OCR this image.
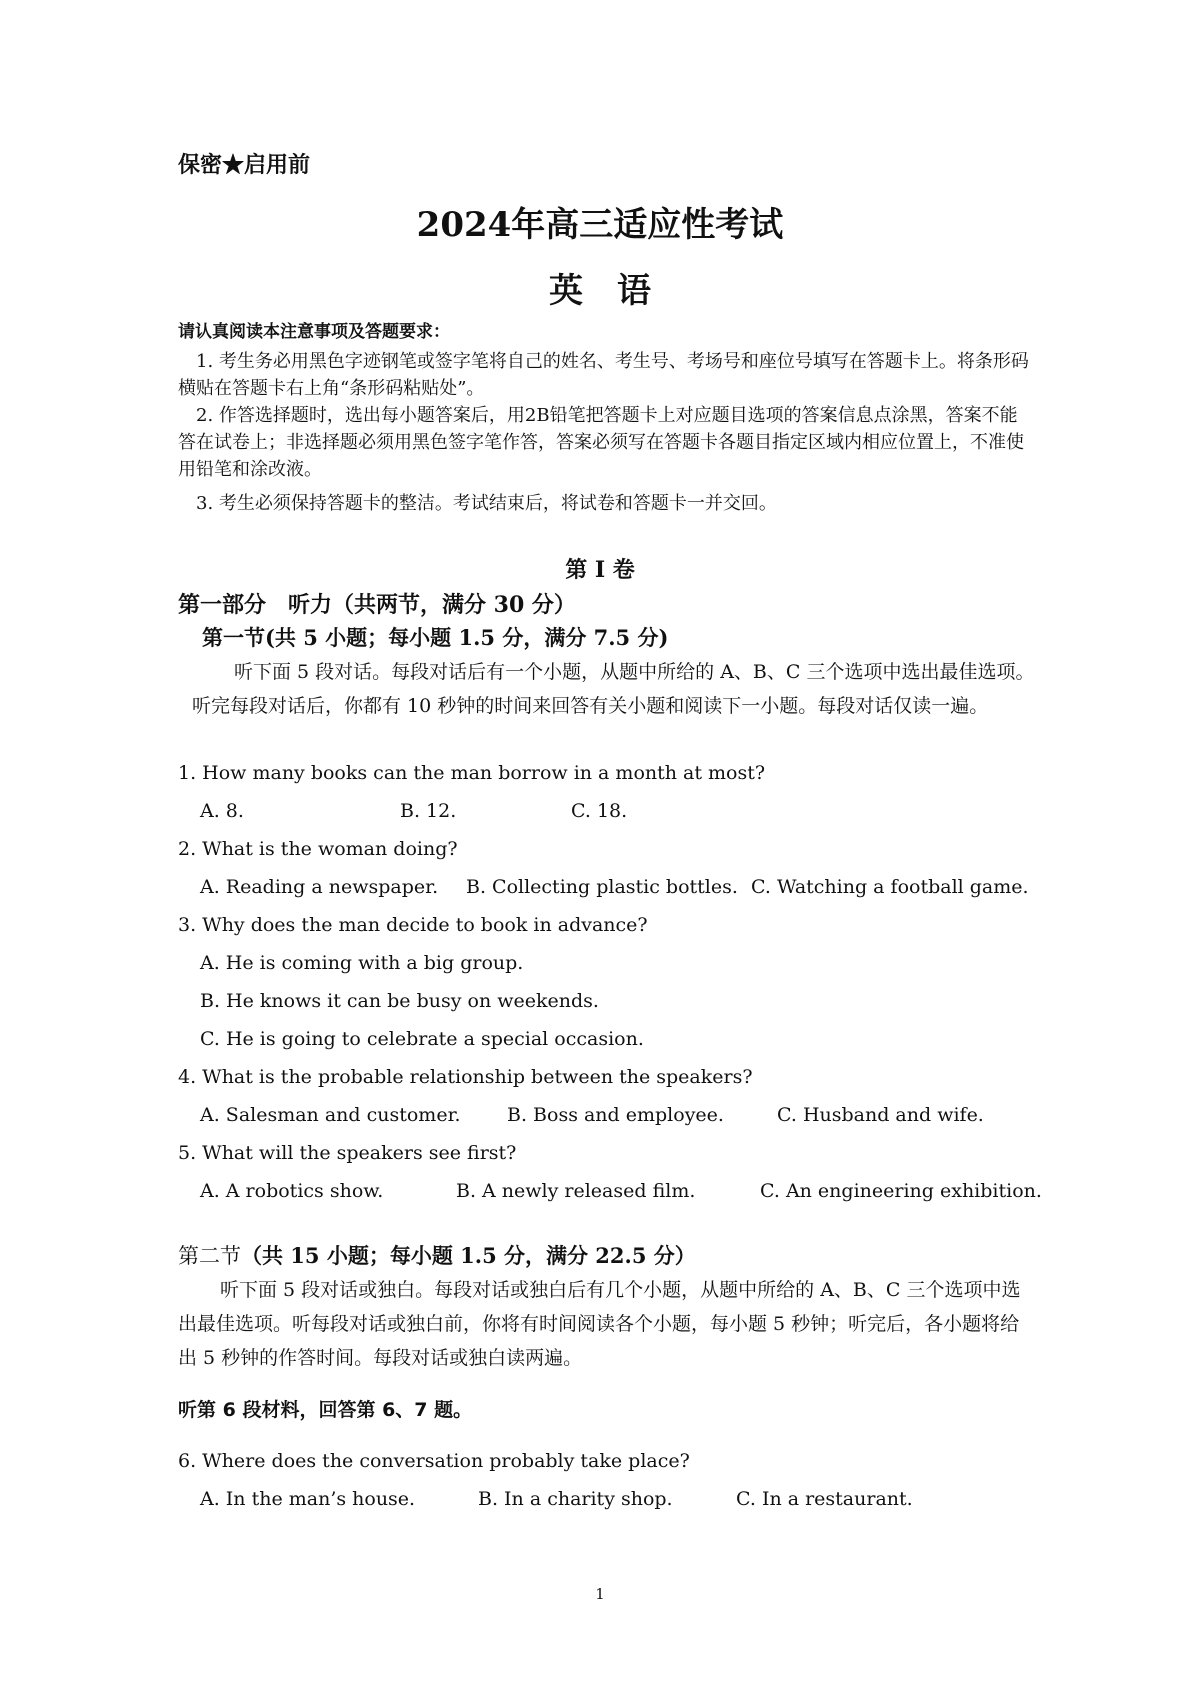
保密★启用前
2024年高三适应性考试
英语
请认真阅读本注意事项及答题要求：
1. 考生务必用黑色字迹钢笔或签字笔将自己的姓名、考生号、考场号和座位号填写在答题卡上。将条形码横贴在答题卡右上角“条形码粘贴处”。
2. 作答选择题时，选出每小题答案后，用2B铅笔把答题卡上对应题目选项的答案信息点涂黑，答案不能答在试卷上；非选择题必须用黑色签字笔作答，答案必须写在答题卡各题目指定区域内相应位置上，不准使用铅笔和涂改液。
3. 考生必须保持答题卡的整洁。考试结束后，将试卷和答题卡一并交回。
第 Ⅰ 卷
第一部分　听力（共两节，满分 30 分）
第一节(共 5 小题；每小题 1.5 分，满分 7.5 分)
听下面 5 段对话。每段对话后有一个小题，从题中所给的 A、B、C 三个选项中选出最佳选项。听完每段对话后，你都有 10 秒钟的时间来回答有关小题和阅读下一小题。每段对话仅读一遍。
1. How many books can the man borrow in a month at most?
A. 8.	B. 12.	C. 18.
2. What is the woman doing?
A. Reading a newspaper. B. Collecting plastic bottles. C. Watching a football game.
3. Why does the man decide to book in advance?
A. He is coming with a big group.
B. He knows it can be busy on weekends.
C. He is going to celebrate a special occasion.
4. What is the probable relationship between the speakers?
A. Salesman and customer. B. Boss and employee.	C. Husband and wife.
5. What will the speakers see first?
A. A robotics show.	B. A newly released film.	C. An engineering exhibition.
第二节（共 15 小题；每小题 1.5 分，满分 22.5 分）
听下面 5 段对话或独白。每段对话或独白后有几个小题，从题中所给的 A、B、C 三个选项中选出最佳选项。听每段对话或独白前，你将有时间阅读各个小题，每小题 5 秒钟；听完后，各小题将给出 5 秒钟的作答时间。每段对话或独白读两遍。
听第 6 段材料，回答第 6、7 题。
6. Where does the conversation probably take place?
A. In the man’s house.	B. In a charity shop.	C. In a restaurant.
1
